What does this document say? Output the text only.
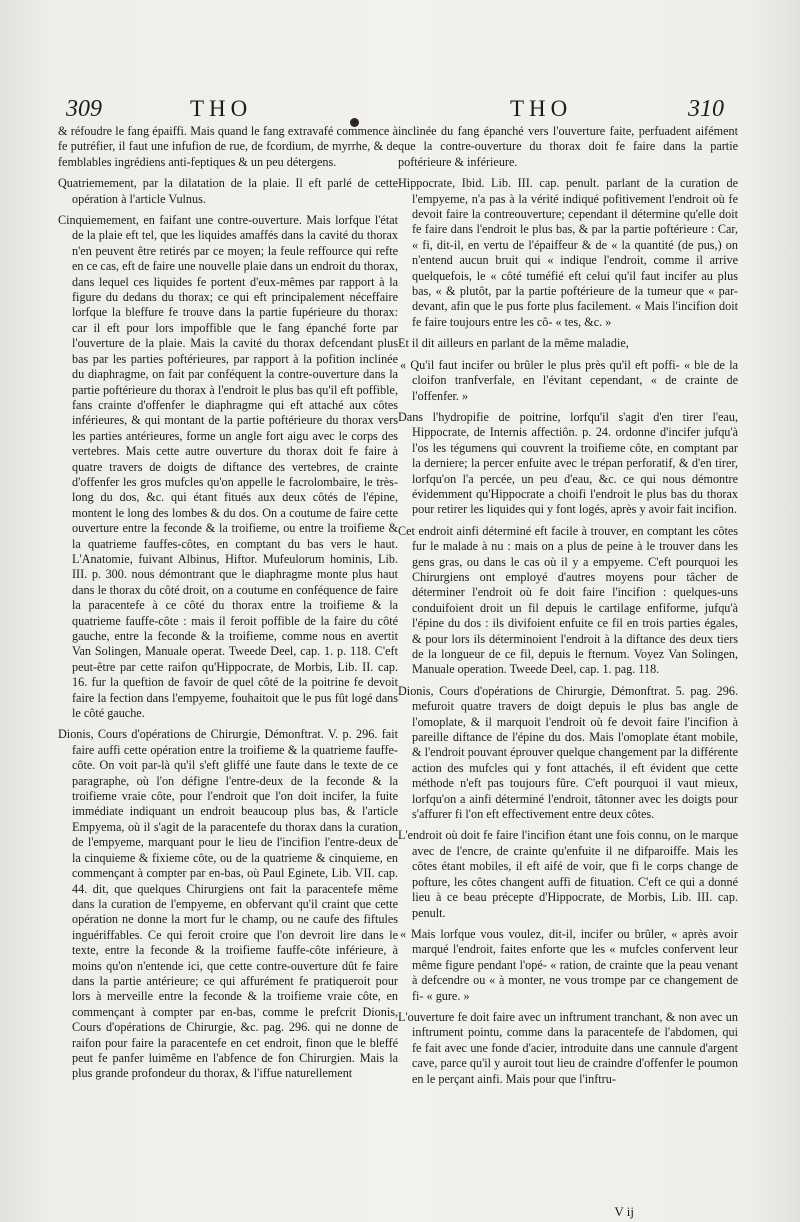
309	THO	THO	310

& réfoudre le fang épaiffi. Mais quand le fang extravafé commence à fe putréfier, il faut une infufion de rue, de fcordium, de myrrhe, & de femblables ingrédiens anti-feptiques & un peu détergens.

Quatriemement, par la dilatation de la plaie. Il eft parlé de cette opération à l'article Vulnus.

Cinquiemement, en faifant une contre-ouverture. Mais lorfque l'état de la plaie eft tel, que les liquides amaffés dans la cavité du thorax n'en peuvent être retirés par ce moyen; la feule reffource qui refte en ce cas, eft de faire une nouvelle plaie dans un endroit du thorax, dans lequel ces liquides fe portent d'eux-mêmes par rapport à la figure du dedans du thorax; ce qui eft principalement néceffaire lorfque la bleffure fe trouve dans la partie fupérieure du thorax: car il eft pour lors impoffible que le fang épanché forte par l'ouverture de la plaie. Mais la cavité du thorax defcendant plus bas par les parties poftérieures, par rapport à la pofition inclinée du diaphragme, on fait par conféquent la contre-ouverture dans la partie poftérieure du thorax à l'endroit le plus bas qu'il eft poffible, fans crainte d'offenfer le diaphragme qui eft attaché aux côtes inférieures, & qui montant de la partie poftérieure du thorax vers les parties antérieures, forme un angle fort aigu avec le corps des vertebres. Mais cette autre ouverture du thorax doit fe faire à quatre travers de doigts de diftance des vertebres, de crainte d'offenfer les gros mufcles qu'on appelle le facrolombaire, le très-long du dos, &c. qui étant fitués aux deux côtés de l'épine, montent le long des lombes & du dos. On a coutume de faire cette ouverture entre la feconde & la troifieme, ou entre la troifieme & la quatrieme fauffes-côtes, en comptant du bas vers le haut. L'Anatomie, fuivant Albinus, Hiftor. Mufeulorum hominis, Lib. III. p. 300. nous démontrant que le diaphragme monte plus haut dans le thorax du côté droit, on a coutume en conféquence de faire la paracentefe à ce côté du thorax entre la troifieme & la quatrieme fauffe-côte : mais il feroit poffible de la faire du côté gauche, entre la feconde & la troifieme, comme nous en avertit Van Solingen, Manuale operat. Tweede Deel, cap. 1. p. 118. C'eft peut-être par cette raifon qu'Hippocrate, de Morbis, Lib. II. cap. 16. fur la queftion de favoir de quel côté de la poitrine fe devoit faire la fection dans l'empyeme, fouhaitoit que le pus fût logé dans le côté gauche.

Dionis, Cours d'opérations de Chirurgie, Démonftrat. V. p. 296. fait faire auffi cette opération entre la troifieme & la quatrieme fauffe-côte. On voit par-là qu'il s'eft gliffé une faute dans le texte de ce paragraphe, où l'on défigne l'entre-deux de la feconde & la troifieme vraie côte, pour l'endroit que l'on doit incifer, la fuite immédiate indiquant un endroit beaucoup plus bas, & l'article Empyema, où il s'agit de la paracentefe du thorax dans la curation de l'empyeme, marquant pour le lieu de l'incifion l'entre-deux de la cinquieme & fixieme côte, ou de la quatrieme & cinquieme, en commençant à compter par en-bas, où Paul Eginete, Lib. VII. cap. 44. dit, que quelques Chirurgiens ont fait la paracentefe même dans la curation de l'empyeme, en obfervant qu'il craint que cette opération ne donne la mort fur le champ, ou ne caufe des fiftules inguériffables. Ce qui feroit croire que l'on devroit lire dans le texte, entre la feconde & la troifieme fauffe-côte inférieure, à moins qu'on n'entende ici, que cette contre-ouverture dût fe faire dans la partie antérieure; ce qui affurément fe pratiqueroit pour lors à merveille entre la feconde & la troifieme vraie côte, en commençant à compter par en-bas, comme le prefcrit Dionis, Cours d'opérations de Chirurgie, &c. pag. 296. qui ne donne de raifon pour faire la paracentefe en cet endroit, finon que le bleffé peut fe panfer luimême en l'abfence de fon Chirurgien. Mais la plus grande profondeur du thorax, & l'iffue naturellement

inclinée du fang épanché vers l'ouverture faite, perfuadent aifément que la contre-ouverture du thorax doit fe faire dans la partie poftérieure & inférieure.

Hippocrate, Ibid. Lib. III. cap. penult. parlant de la curation de l'empyeme, n'a pas à la vérité indiqué pofitivement l'endroit où fe devoit faire la contreouverture; cependant il détermine qu'elle doit fe faire dans l'endroit le plus bas, & par la partie poftérieure : Car, « fi, dit-il, en vertu de l'épaiffeur & de « la quantité (de pus,) on n'entend aucun bruit qui « indique l'endroit, comme il arrive quelquefois, le « côté tuméfié eft celui qu'il faut incifer au plus bas, « & plutôt, par la partie poftérieure de la tumeur que « par-devant, afin que le pus forte plus facilement. « Mais l'incifion doit fe faire toujours entre les cô- « tes, &c. »

Et il dit ailleurs en parlant de la même maladie,

« Qu'il faut incifer ou brûler le plus près qu'il eft poffi- « ble de la cloifon tranfverfale, en l'évitant cependant, « de crainte de l'offenfer. »

Dans l'hydropifie de poitrine, lorfqu'il s'agit d'en tirer l'eau, Hippocrate, de Internis affectiôn. p. 24. ordonne d'incifer jufqu'à l'os les tégumens qui couvrent la troifieme côte, en comptant par la derniere; la percer enfuite avec le trépan perforatif, & d'en tirer, lorfqu'on l'a percée, un peu d'eau, &c. ce qui nous démontre évidemment qu'Hippocrate a choifi l'endroit le plus bas du thorax pour retirer les liquides qui y font logés, après y avoir fait incifion.

Cet endroit ainfi déterminé eft facile à trouver, en comptant les côtes fur le malade à nu : mais on a plus de peine à le trouver dans les gens gras, ou dans le cas où il y a empyeme. C'eft pourquoi les Chirurgiens ont employé d'autres moyens pour tâcher de déterminer l'endroit où fe doit faire l'incifion : quelques-uns conduifoient droit un fil depuis le cartilage enfiforme, jufqu'à l'épine du dos : ils divifoient enfuite ce fil en trois parties égales, & pour lors ils déterminoient l'endroit à la diftance des deux tiers de la longueur de ce fil, depuis le fternum. Voyez Van Solingen, Manuale operation. Tweede Deel, cap. 1. pag. 118.

Dionis, Cours d'opérations de Chirurgie, Démonftrat. 5. pag. 296. mefuroit quatre travers de doigt depuis le plus bas angle de l'omoplate, & il marquoit l'endroit où fe devoit faire l'incifion à pareille diftance de l'épine du dos. Mais l'omoplate étant mobile, & l'endroit pouvant éprouver quelque changement par la différente action des mufcles qui y font attachés, il eft évident que cette méthode n'eft pas toujours fûre. C'eft pourquoi il vaut mieux, lorfqu'on a ainfi déterminé l'endroit, tâtonner avec les doigts pour s'affurer fi l'on eft effectivement entre deux côtes.

L'endroit où doit fe faire l'incifion étant une fois connu, on le marque avec de l'encre, de crainte qu'enfuite il ne difparoiffe. Mais les côtes étant mobiles, il eft aifé de voir, que fi le corps change de pofture, les côtes changent auffi de fituation. C'eft ce qui a donné lieu à ce beau précepte d'Hippocrate, de Morbis, Lib. III. cap. penult.

« Mais lorfque vous voulez, dit-il, incifer ou brûler, « après avoir marqué l'endroit, faites enforte que les « mufcles confervent leur même figure pendant l'opé- « ration, de crainte que la peau venant à defcendre ou « à monter, ne vous trompe par ce changement de fi- « gure. »

L'ouverture fe doit faire avec un inftrument tranchant, & non avec un inftrument pointu, comme dans la paracentefe de l'abdomen, qui fe fait avec une fonde d'acier, introduite dans une cannule d'argent cave, parce qu'il y auroit tout lieu de craindre d'offenfer le poumon en le perçant ainfi. Mais pour que l'inftru-

V ij
